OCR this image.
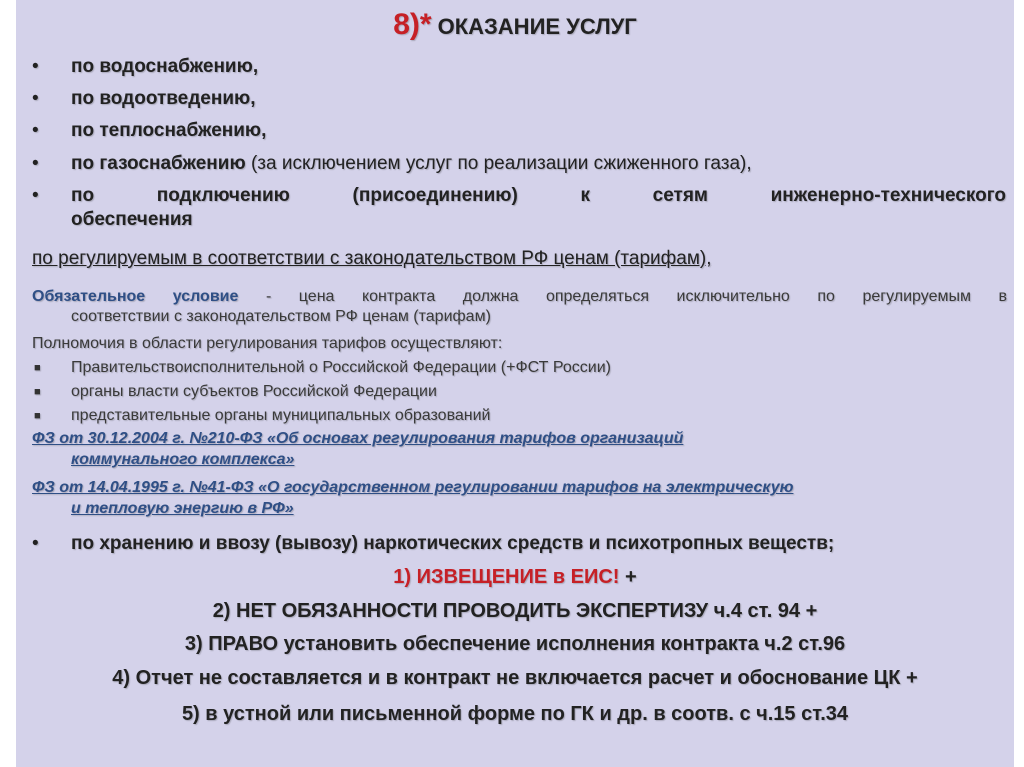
8)* ОКАЗАНИЕ УСЛУГ
• по водоснабжению,
• по водоотведению,
• по теплоснабжению,
• по газоснабжению (за исключением услуг по реализации сжиженного газа),
• по подключению (присоединению) к сетям инженерно-технического
обеспечения
по регулируемым в соответствии с законодательством РФ ценам (тарифам),
Обязательное условие - цена контракта должна определяться исключительно по регулируемым в
соответствии с законодательством РФ ценам (тарифам)
Полномочия в области регулирования тарифов осуществляют:
■ Правительствоисполнительной о Российской Федерации (+ФСТ России)
■ органы власти субъектов Российской Федерации
■ представительные органы муниципальных образований
ФЗ от 30.12.2004 г. №210-ФЗ «Об основах регулирования тарифов организаций
коммунального комплекса»
ФЗ от 14.04.1995 г. №41-ФЗ «О государственном регулировании тарифов на электрическую
и тепловую энергию в РФ»
• по хранению и ввозу (вывозу) наркотических средств и психотропных веществ;
1) ИЗВЕЩЕНИЕ в ЕИС! +
2) НЕТ ОБЯЗАННОСТИ ПРОВОДИТЬ ЭКСПЕРТИЗУ ч.4 ст. 94 +
3) ПРАВО установить обеспечение исполнения контракта ч.2 ст.96
4) Отчет не составляется и в контракт не включается расчет и обоснование ЦК +
5) в устной или письменной форме по ГК и др. в соотв. с ч.15 ст.34
